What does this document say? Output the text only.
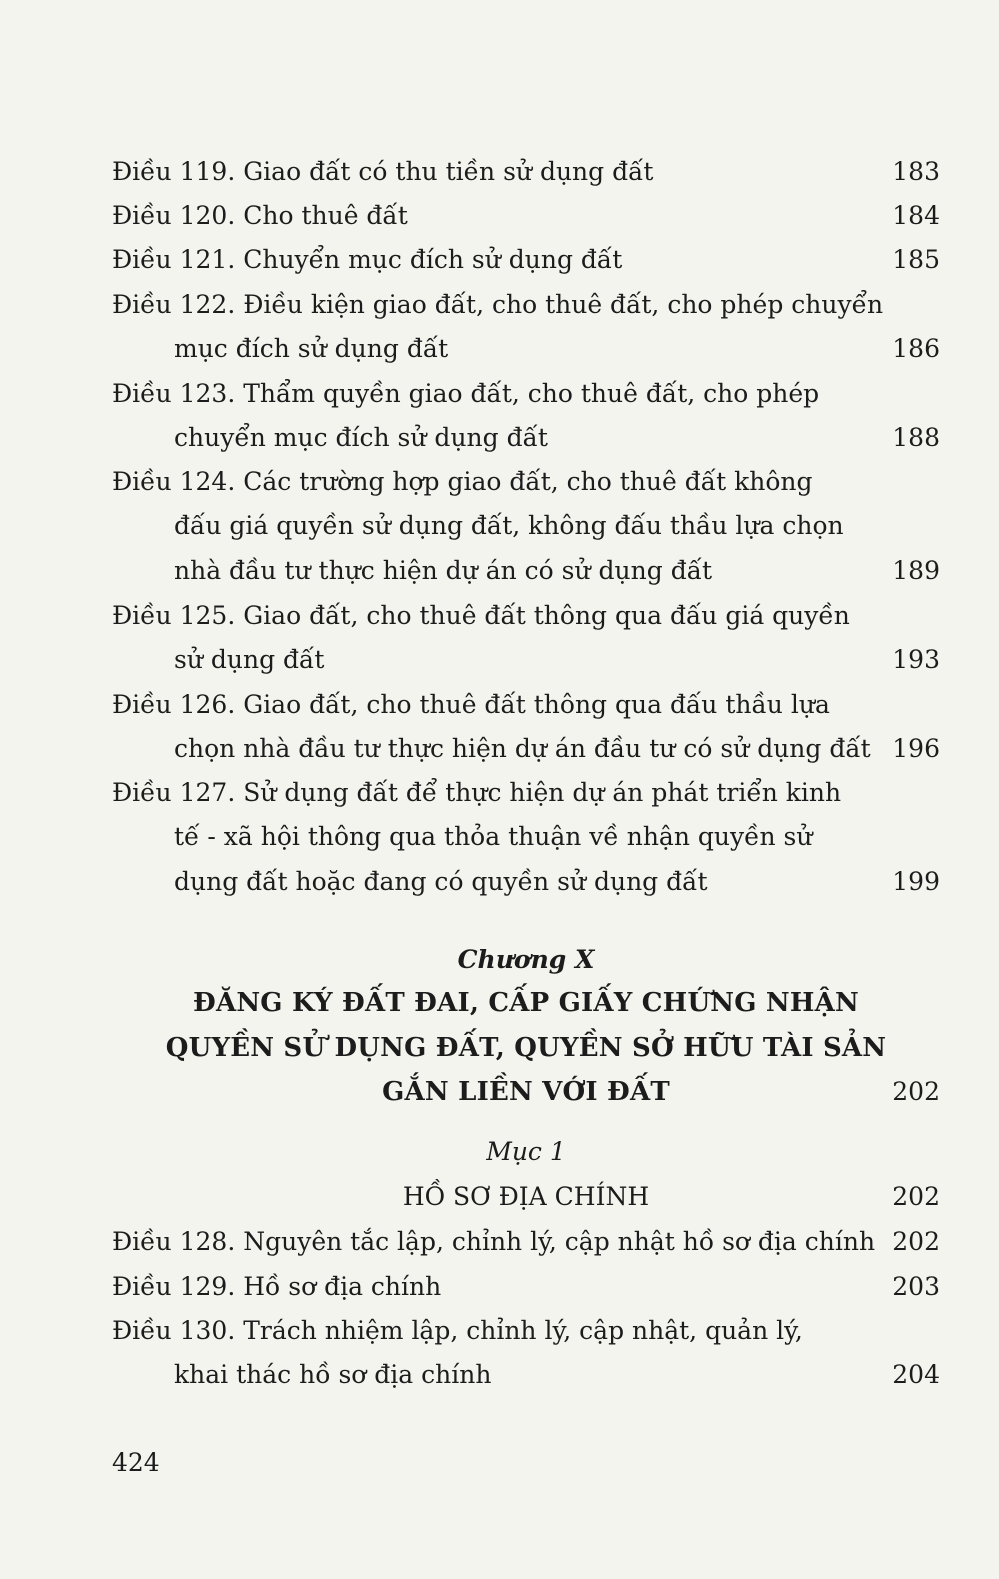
Điều 119. Giao đất có thu tiền sử dụng đất	183
Điều 120. Cho thuê đất	184
Điều 121. Chuyển mục đích sử dụng đất	185
Điều 122. Điều kiện giao đất, cho thuê đất, cho phép chuyển
mục đích sử dụng đất	186
Điều 123. Thẩm quyền giao đất, cho thuê đất, cho phép
chuyển mục đích sử dụng đất	188
Điều 124. Các trường hợp giao đất, cho thuê đất không
đấu giá quyền sử dụng đất, không đấu thầu lựa chọn
nhà đầu tư thực hiện dự án có sử dụng đất	189
Điều 125. Giao đất, cho thuê đất thông qua đấu giá quyền
sử dụng đất	193
Điều 126. Giao đất, cho thuê đất thông qua đấu thầu lựa
chọn nhà đầu tư thực hiện dự án đầu tư có sử dụng đất 196
Điều 127. Sử dụng đất để thực hiện dự án phát triển kinh
tế - xã hội thông qua thỏa thuận về nhận quyền sử
dụng đất hoặc đang có quyền sử dụng đất	199
Chương X
ĐĂNG KÝ ĐẤT ĐAI, CẤP GIẤY CHỨNG NHẬN
QUYỀN SỬ DỤNG ĐẤT, QUYỀN SỞ HỮU TÀI SẢN
GẮN LIỀN VỚI ĐẤT	202
Mục 1
HỒ SƠ ĐỊA CHÍNH	202
Điều 128. Nguyên tắc lập, chỉnh lý, cập nhật hồ sơ địa chính 202
Điều 129. Hồ sơ địa chính	203
Điều 130. Trách nhiệm lập, chỉnh lý, cập nhật, quản lý,
khai thác hồ sơ địa chính	204
424
